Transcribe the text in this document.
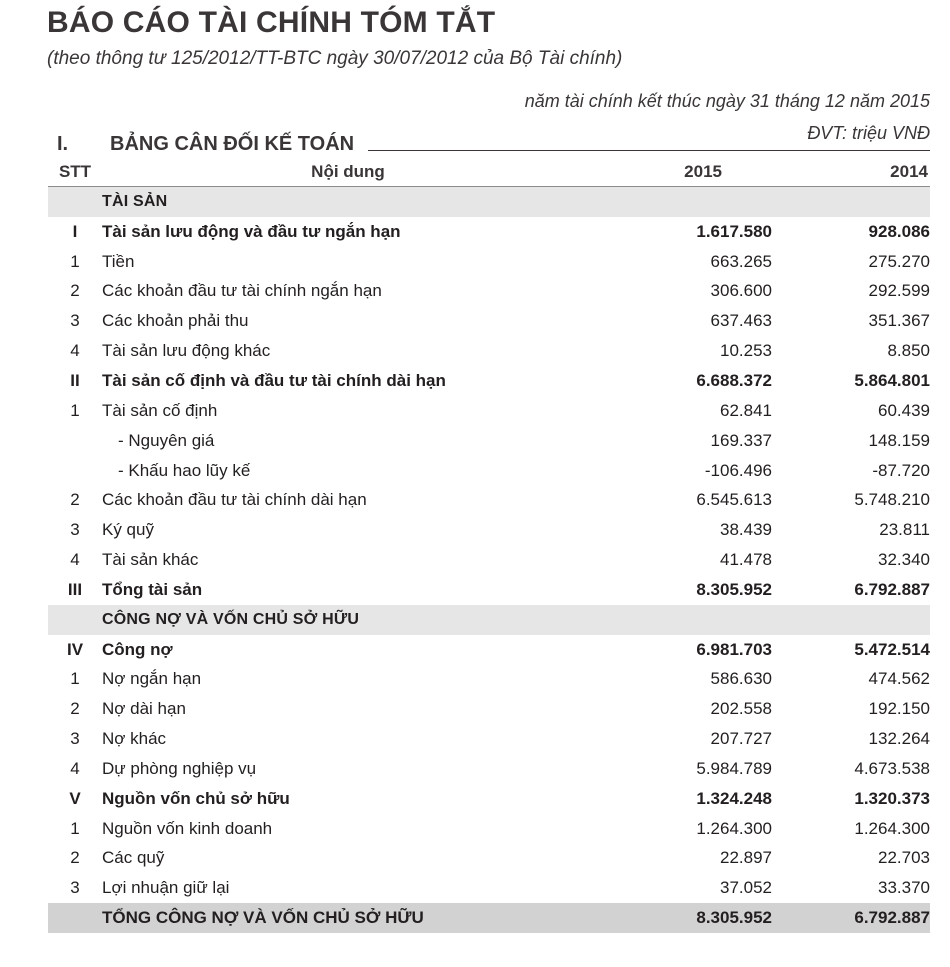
BÁO CÁO TÀI CHÍNH TÓM TẮT
(theo thông tư 125/2012/TT-BTC ngày 30/07/2012 của Bộ Tài chính)
năm tài chính kết thúc ngày 31 tháng 12 năm 2015
ĐVT: triệu VNĐ
I. BẢNG CÂN ĐỐI KẾ TOÁN
STT	Nội dung	2015	2014
	TÀI SẢN		
I	Tài sản lưu động và đầu tư ngắn hạn	1.617.580	928.086
1	Tiền	663.265	275.270
2	Các khoản đầu tư tài chính ngắn hạn	306.600	292.599
3	Các khoản phải thu	637.463	351.367
4	Tài sản lưu động khác	10.253	8.850
II	Tài sản cố định và đầu tư tài chính dài hạn	6.688.372	5.864.801
1	Tài sản cố định	62.841	60.439
	- Nguyên giá	169.337	148.159
	- Khấu hao lũy kế	-106.496	-87.720
2	Các khoản đầu tư tài chính dài hạn	6.545.613	5.748.210
3	Ký quỹ	38.439	23.811
4	Tài sản khác	41.478	32.340
III	Tổng tài sản	8.305.952	6.792.887
	CÔNG NỢ VÀ VỐN CHỦ SỞ HỮU		
IV	Công nợ	6.981.703	5.472.514
1	Nợ ngắn hạn	586.630	474.562
2	Nợ dài hạn	202.558	192.150
3	Nợ khác	207.727	132.264
4	Dự phòng nghiệp vụ	5.984.789	4.673.538
V	Nguồn vốn chủ sở hữu	1.324.248	1.320.373
1	Nguồn vốn kinh doanh	1.264.300	1.264.300
2	Các quỹ	22.897	22.703
3	Lợi nhuận giữ lại	37.052	33.370
	TỔNG CÔNG NỢ VÀ VỐN CHỦ SỞ HỮU	8.305.952	6.792.887
